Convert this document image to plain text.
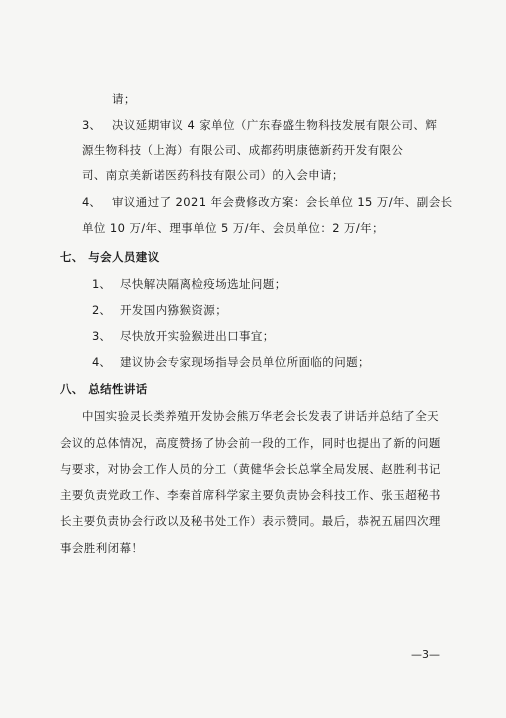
请；
3、 决议延期审议 4 家单位（广东春盛生物科技发展有限公司、辉
源生物科技（上海）有限公司、成都药明康德新药开发有限公
司、南京美新诺医药科技有限公司）的入会申请；
4、 审议通过了 2021 年会费修改方案：会长单位 15 万/年、副会长
单位 10 万/年、理事单位 5 万/年、会员单位：2 万/年；
七、 与会人员建议
1、 尽快解决隔离检疫场选址问题；
2、 开发国内猕猴资源；
3、 尽快放开实验猴进出口事宜；
4、 建议协会专家现场指导会员单位所面临的问题；
八、 总结性讲话
中国实验灵长类养殖开发协会熊万华老会长发表了讲话并总结了全天
会议的总体情况，高度赞扬了协会前一段的工作，同时也提出了新的问题
与要求，对协会工作人员的分工（黄健华会长总掌全局发展、赵胜利书记
主要负责党政工作、李秦首席科学家主要负责协会科技工作、张玉超秘书
长主要负责协会行政以及秘书处工作）表示赞同。最后，恭祝五届四次理
事会胜利闭幕！
—3—
